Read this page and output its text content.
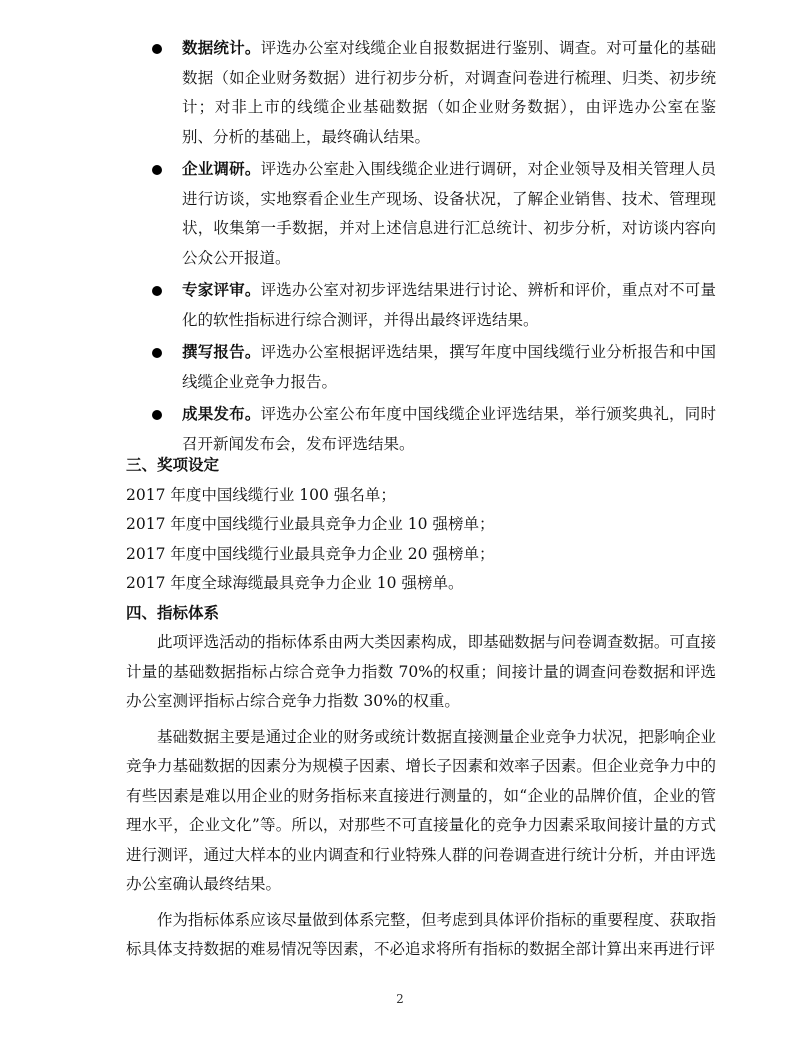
数据统计。评选办公室对线缆企业自报数据进行鉴别、调查。对可量化的基础数据（如企业财务数据）进行初步分析，对调查问卷进行梳理、归类、初步统计；对非上市的线缆企业基础数据（如企业财务数据），由评选办公室在鉴别、分析的基础上，最终确认结果。
企业调研。评选办公室赴入围线缆企业进行调研，对企业领导及相关管理人员进行访谈，实地察看企业生产现场、设备状况，了解企业销售、技术、管理现状，收集第一手数据，并对上述信息进行汇总统计、初步分析，对访谈内容向公众公开报道。
专家评审。评选办公室对初步评选结果进行讨论、辨析和评价，重点对不可量化的软性指标进行综合测评，并得出最终评选结果。
撰写报告。评选办公室根据评选结果，撰写年度中国线缆行业分析报告和中国线缆企业竞争力报告。
成果发布。评选办公室公布年度中国线缆企业评选结果，举行颁奖典礼，同时召开新闻发布会，发布评选结果。
三、奖项设定

2017 年度中国线缆行业 100 强名单；

2017 年度中国线缆行业最具竞争力企业 10 强榜单；

2017 年度中国线缆行业最具竞争力企业 20 强榜单；

2017 年度全球海缆最具竞争力企业 10 强榜单。

四、指标体系

此项评选活动的指标体系由两大类因素构成，即基础数据与问卷调查数据。可直接计量的基础数据指标占综合竞争力指数 70%的权重；间接计量的调查问卷数据和评选办公室测评指标占综合竞争力指数 30%的权重。

基础数据主要是通过企业的财务或统计数据直接测量企业竞争力状况，把影响企业竞争力基础数据的因素分为规模子因素、增长子因素和效率子因素。但企业竞争力中的有些因素是难以用企业的财务指标来直接进行测量的，如“企业的品牌价值，企业的管理水平，企业文化”等。所以，对那些不可直接量化的竞争力因素采取间接计量的方式进行测评，通过大样本的业内调查和行业特殊人群的问卷调查进行统计分析，并由评选办公室确认最终结果。

作为指标体系应该尽量做到体系完整，但考虑到具体评价指标的重要程度、获取指标具体支持数据的难易情况等因素，不必追求将所有指标的数据全部计算出来再进行评

2
